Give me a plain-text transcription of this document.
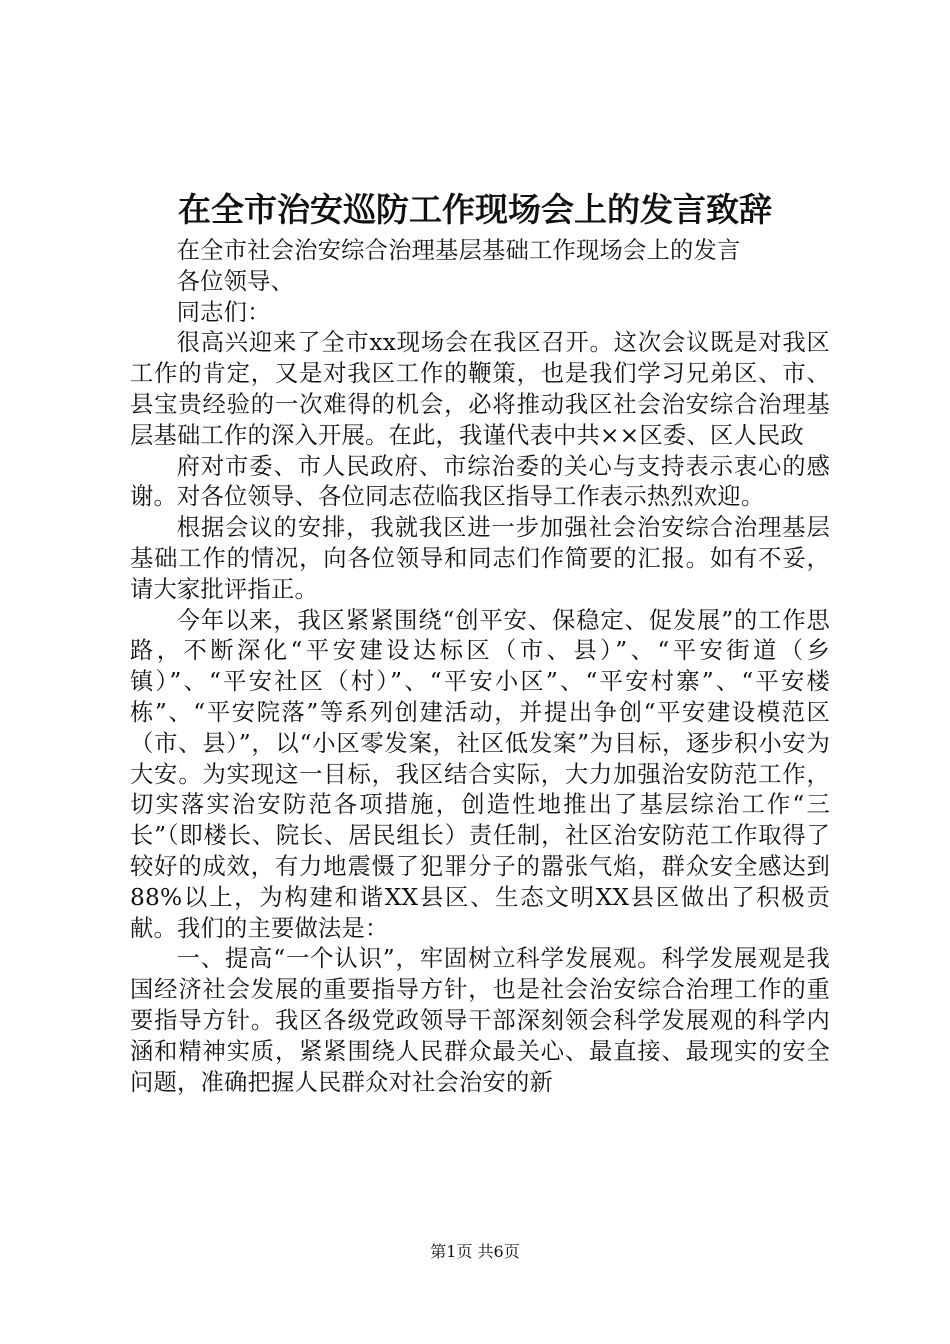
在全市治安巡防工作现场会上的发言致辞

在全市社会治安综合治理基层基础工作现场会上的发言

各位领导、

同志们：

很高兴迎来了全市xx现场会在我区召开。这次会议既是对我区工作的肯定，又是对我区工作的鞭策，也是我们学习兄弟区、市、县宝贵经验的一次难得的机会，必将推动我区社会治安综合治理基层基础工作的深入开展。在此，我谨代表中共××区委、区人民政

府对市委、市人民政府、市综治委的关心与支持表示衷心的感谢。对各位领导、各位同志莅临我区指导工作表示热烈欢迎。

根据会议的安排，我就我区进一步加强社会治安综合治理基层基础工作的情况，向各位领导和同志们作简要的汇报。如有不妥，请大家批评指正。

今年以来，我区紧紧围绕“创平安、保稳定、促发展”的工作思路，不断深化“平安建设达标区（市、县）”、“平安街道（乡镇）”、“平安社区（村）”、“平安小区”、“平安村寨”、“平安楼栋”、“平安院落”等系列创建活动，并提出争创“平安建设模范区（市、县）”，以“小区零发案，社区低发案”为目标，逐步积小安为大安。为实现这一目标，我区结合实际，大力加强治安防范工作，切实落实治安防范各项措施，创造性地推出了基层综治工作“三长”（即楼长、院长、居民组长）责任制，社区治安防范工作取得了较好的成效，有力地震慑了犯罪分子的嚣张气焰，群众安全感达到88%以上，为构建和谐XX县区、生态文明XX县区做出了积极贡献。我们的主要做法是：

一、提高“一个认识”，牢固树立科学发展观。科学发展观是我国经济社会发展的重要指导方针，也是社会治安综合治理工作的重要指导方针。我区各级党政领导干部深刻领会科学发展观的科学内涵和精神实质，紧紧围绕人民群众最关心、最直接、最现实的安全问题，准确把握人民群众对社会治安的新

第1页 共6页
